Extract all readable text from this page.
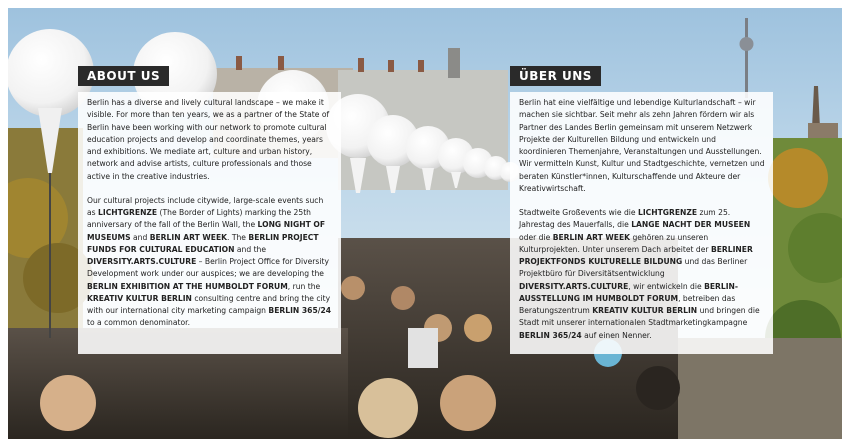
ABOUT US

Berlin has a diverse and lively cultural landscape – we make it visible. For more than ten years, we as a partner of the State of Berlin have been working with our network to promote cultural education projects and develop and coordinate themes, years and exhibitions. We mediate art, culture and urban history, network and advise artists, culture professionals and those active in the creative industries.

Our cultural projects include citywide, large-scale events such as LICHTGRENZE (The Border of Lights) marking the 25th anniversary of the fall of the Berlin Wall, the LONG NIGHT OF MUSEUMS and BERLIN ART WEEK. The BERLIN PROJECT FUNDS FOR CULTURAL EDUCATION and the DIVERSITY.ARTS.CULTURE – Berlin Project Office for Diversity Development work under our auspices; we are developing the BERLIN EXHIBITION AT THE HUMBOLDT FORUM, run the KREATIV KULTUR BERLIN consulting centre and bring the city with our international city marketing campaign BERLIN 365/24 to a common denominator.

ÜBER UNS

Berlin hat eine vielfältige und lebendige Kulturlandschaft – wir machen sie sichtbar. Seit mehr als zehn Jahren fördern wir als Partner des Landes Berlin gemeinsam mit unserem Netzwerk Projekte der Kulturellen Bildung und entwickeln und koordinieren Themenjahre, Veranstaltungen und Ausstellungen. Wir vermitteln Kunst, Kultur und Stadtgeschichte, vernetzen und beraten Künstler*innen, Kulturschaffende und Akteure der Kreativwirtschaft.

Stadtweite Großevents wie die LICHTGRENZE zum 25. Jahrestag des Mauerfalls, die LANGE NACHT DER MUSEEN oder die BERLIN ART WEEK gehören zu unseren Kulturprojekten. Unter unserem Dach arbeitet der BERLINER PROJEKTFONDS KULTURELLE BILDUNG und das Berliner Projektbüro für Diversitätsentwicklung DIVERSITY.ARTS.CULTURE, wir entwickeln die BERLIN-AUSSTELLUNG IM HUMBOLDT FORUM, betreiben das Beratungszentrum KREATIV KULTUR BERLIN und bringen die Stadt mit unserer internationalen Stadtmarketingkampagne BERLIN 365/24 auf einen Nenner.
